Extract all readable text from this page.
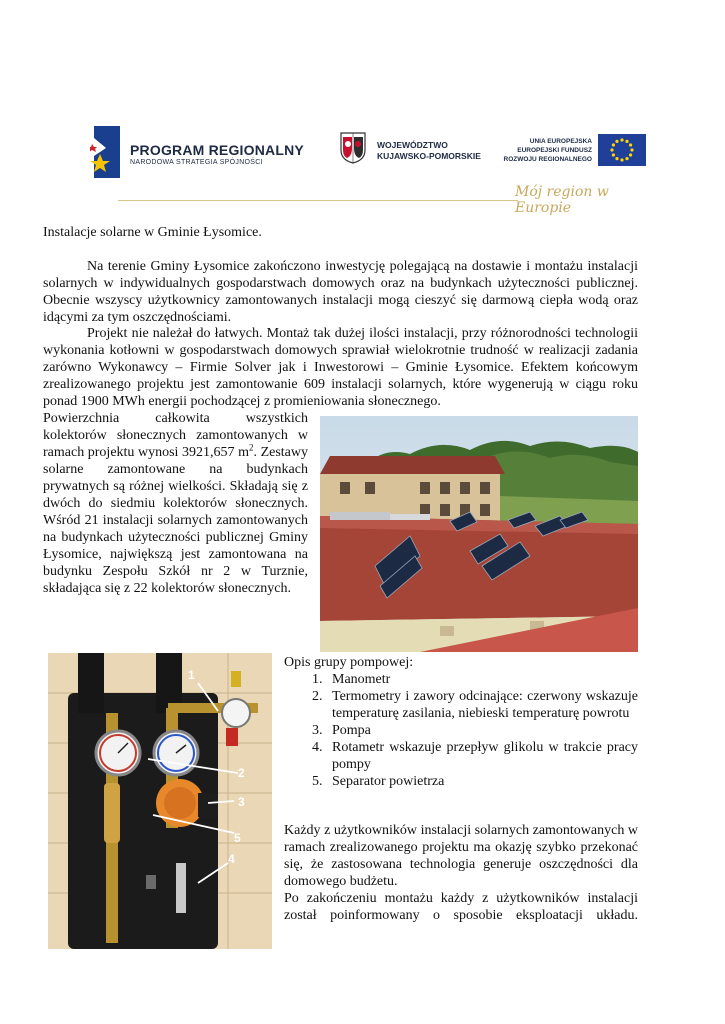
PROGRAM REGIONALNY
NARODOWA STRATEGIA SPÓJNOŚCI
WOJEWÓDZTWO
KUJAWSKO-POMORSKIE
UNIA EUROPEJSKA
EUROPEJSKI FUNDUSZ
ROZWOJU REGIONALNEGO
Mój region w Europie
Instalacje solarne w Gminie Łysomice.
Na terenie Gminy Łysomice zakończono inwestycję polegającą na dostawie i montażu instalacji solarnych w indywidualnych gospodarstwach domowych oraz na budynkach użyteczności publicznej. Obecnie wszyscy użytkownicy zamontowanych instalacji mogą cieszyć się darmową ciepła wodą oraz idącymi za tym oszczędnościami.
Projekt nie należał do łatwych. Montaż tak dużej ilości instalacji, przy różnorodności technologii wykonania kotłowni w gospodarstwach domowych sprawiał wielokrotnie trudność w realizacji zadania zarówno Wykonawcy – Firmie Solver jak i Inwestorowi – Gminie Łysomice. Efektem końcowym zrealizowanego projektu jest zamontowanie 609 instalacji solarnych, które wygenerują w ciągu roku ponad 1900 MWh energii pochodzącej z promieniowania słonecznego.
Powierzchnia całkowita wszystkich kolektorów słonecznych zamontowanych w ramach projektu wynosi 3921,657 $m^2$. Zestawy solarne zamontowane na budynkach prywatnych są różnej wielkości. Składają się z dwóch do siedmiu kolektorów słonecznych. Wśród 21 instalacji solarnych zamontowanych na budynkach użyteczności publicznej Gminy Łysomice, największą jest zamontowana na budynku Zespołu Szkół nr 2 w Turznie, składająca się z 22 kolektorów słonecznych.
1
2
3
5
4
Opis grupy pompowej:
1. Manometr
2. Termometry i zawory odcinające: czerwony wskazuje temperaturę zasilania, niebieski temperaturę powrotu
3. Pompa
4. Rotametr wskazuje przepływ glikolu w trakcie pracy pompy
5. Separator powietrza
Każdy z użytkowników instalacji solarnych zamontowanych w ramach zrealizowanego projektu ma okazję szybko przekonać się, że zastosowana technologia generuje oszczędności dla domowego budżetu.
Po zakończeniu montażu każdy z użytkowników instalacji został poinformowany o sposobie eksploatacji układu.
